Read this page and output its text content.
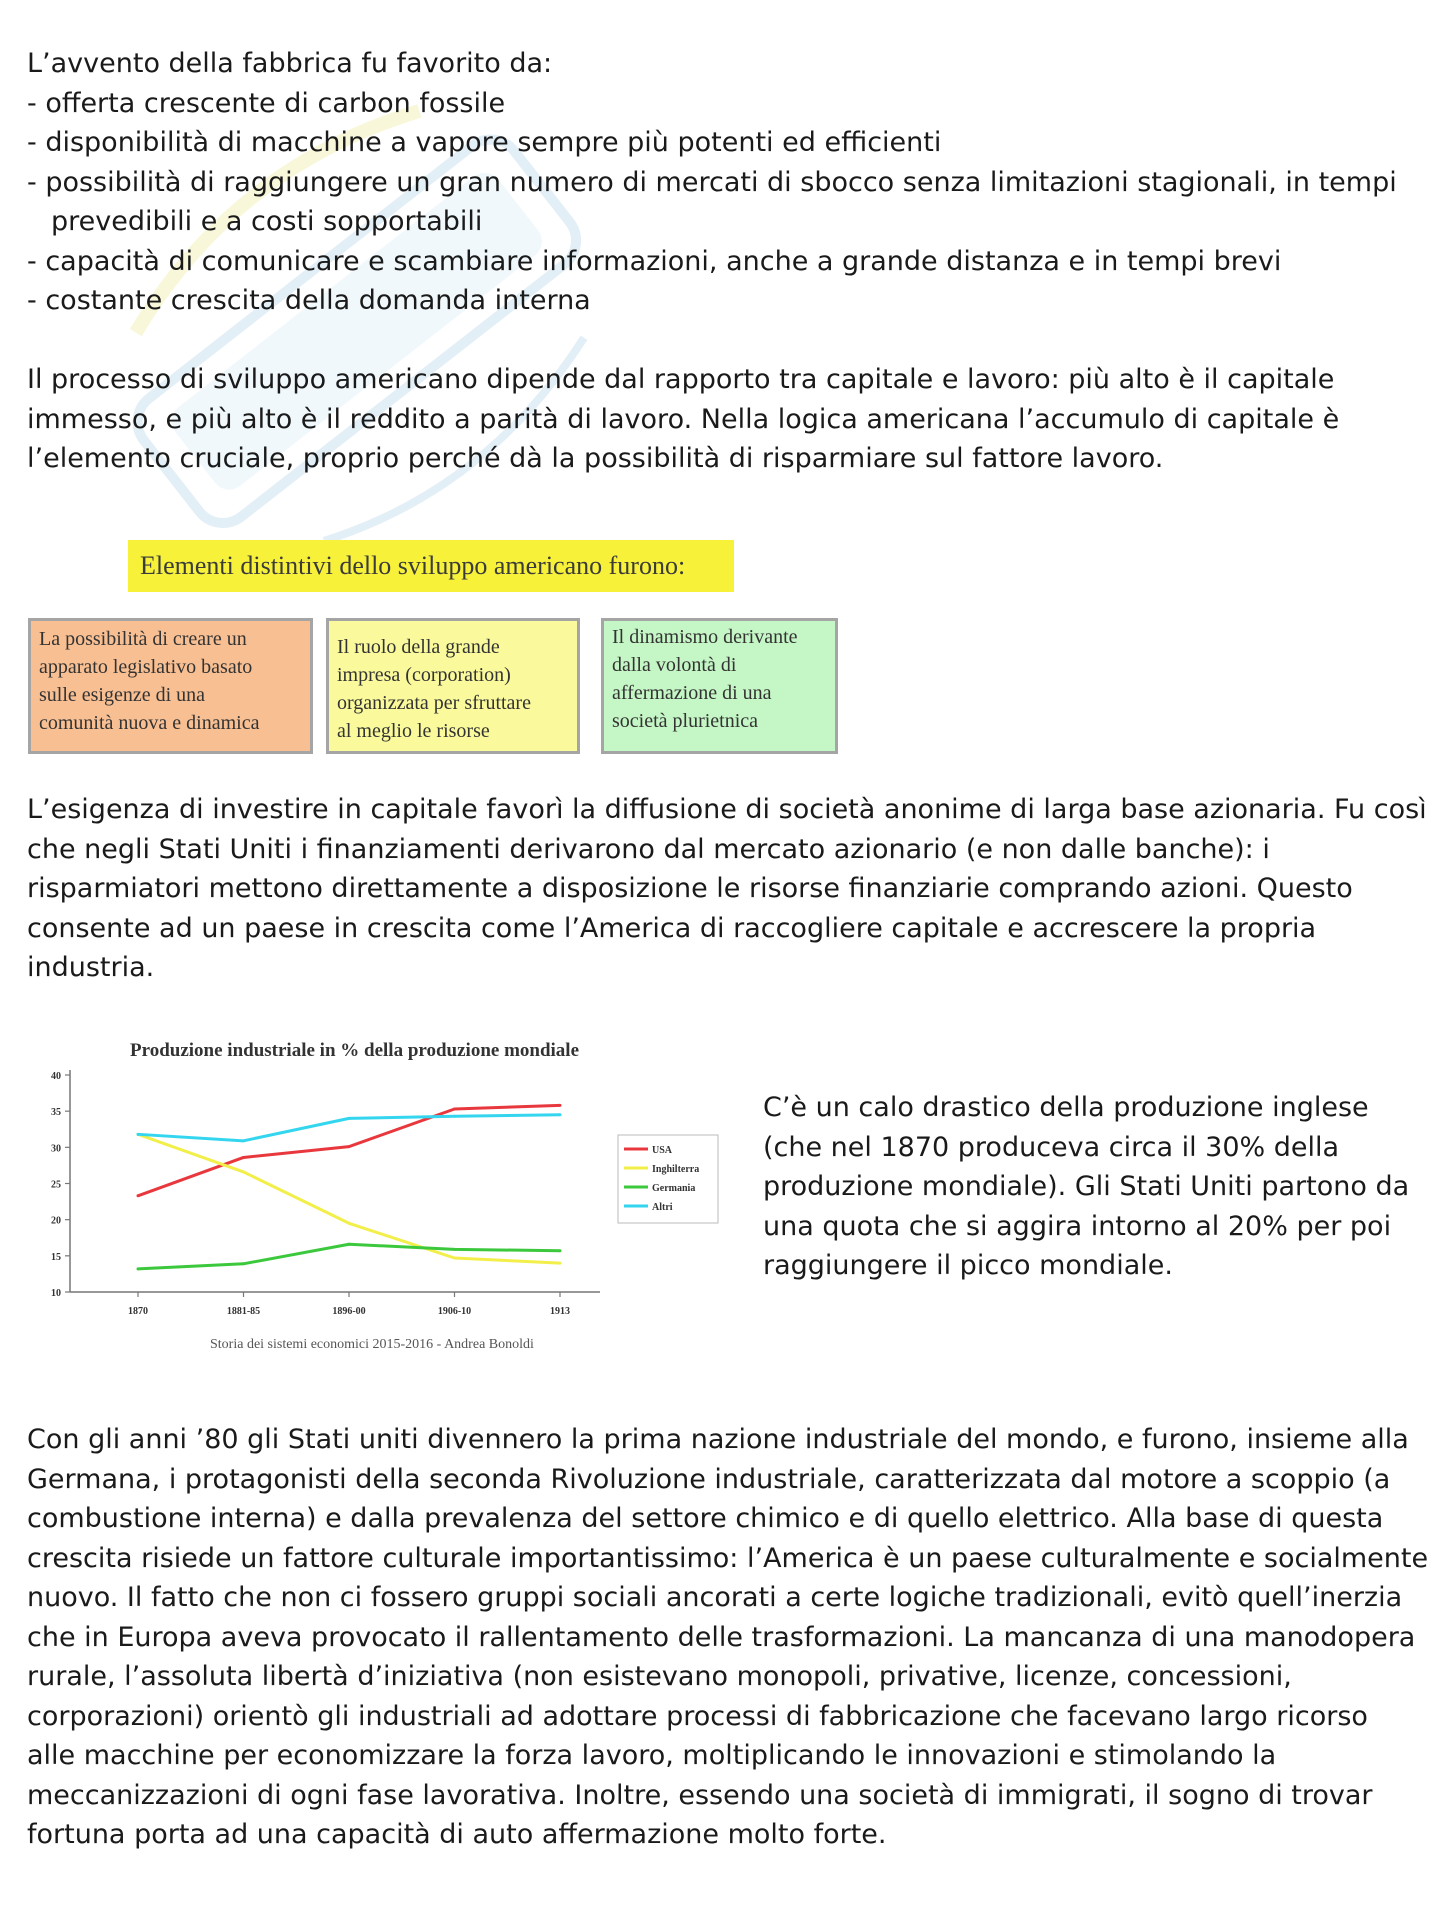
L’avvento della fabbrica fu favorito da:
- offerta crescente di carbon fossile
- disponibilità di macchine a vapore sempre più potenti ed efficienti
- possibilità di raggiungere un gran numero di mercati di sbocco senza limitazioni stagionali, in tempi
prevedibili e a costi sopportabili
- capacità di comunicare e scambiare informazioni, anche a grande distanza e in tempi brevi
- costante crescita della domanda interna
Il processo di sviluppo americano dipende dal rapporto tra capitale e lavoro: più alto è il capitale
immesso, e più alto è il reddito a parità di lavoro. Nella logica americana l’accumulo di capitale è
l’elemento cruciale, proprio perché dà la possibilità di risparmiare sul fattore lavoro.
Elementi distintivi dello sviluppo americano furono:
La possibilità di creare un
apparato legislativo basato
sulle esigenze di una
comunità nuova e dinamica
Il ruolo della grande
impresa (corporation)
organizzata per sfruttare
al meglio le risorse
Il dinamismo derivante
dalla volontà di
affermazione di una
società plurietnica
L’esigenza di investire in capitale favorì la diffusione di società anonime di larga base azionaria. Fu così
che negli Stati Uniti i finanziamenti derivarono dal mercato azionario (e non dalle banche): i
risparmiatori mettono direttamente a disposizione le risorse finanziarie comprando azioni. Questo
consente ad un paese in crescita come l’America di raccogliere capitale e accrescere la propria
industria.
Produzione industriale in % della produzione mondiale
10
15
20
25
30
35
40
1870	1881-85	1896-00	1906-10	1913
USA
Inghilterra
Germania
Altri
Storia dei sistemi economici 2015-2016 - Andrea Bonoldi
C’è un calo drastico della produzione inglese
(che nel 1870 produceva circa il 30% della
produzione mondiale). Gli Stati Uniti partono da
una quota che si aggira intorno al 20% per poi
raggiungere il picco mondiale.
Con gli anni ’80 gli Stati uniti divennero la prima nazione industriale del mondo, e furono, insieme alla
Germana, i protagonisti della seconda Rivoluzione industriale, caratterizzata dal motore a scoppio (a
combustione interna) e dalla prevalenza del settore chimico e di quello elettrico. Alla base di questa
crescita risiede un fattore culturale importantissimo: l’America è un paese culturalmente e socialmente
nuovo. Il fatto che non ci fossero gruppi sociali ancorati a certe logiche tradizionali, evitò quell’inerzia
che in Europa aveva provocato il rallentamento delle trasformazioni. La mancanza di una manodopera
rurale, l’assoluta libertà d’iniziativa (non esistevano monopoli, privative, licenze, concessioni,
corporazioni) orientò gli industriali ad adottare processi di fabbricazione che facevano largo ricorso
alle macchine per economizzare la forza lavoro, moltiplicando le innovazioni e stimolando la
meccanizzazioni di ogni fase lavorativa. Inoltre, essendo una società di immigrati, il sogno di trovar
fortuna porta ad una capacità di auto affermazione molto forte.
